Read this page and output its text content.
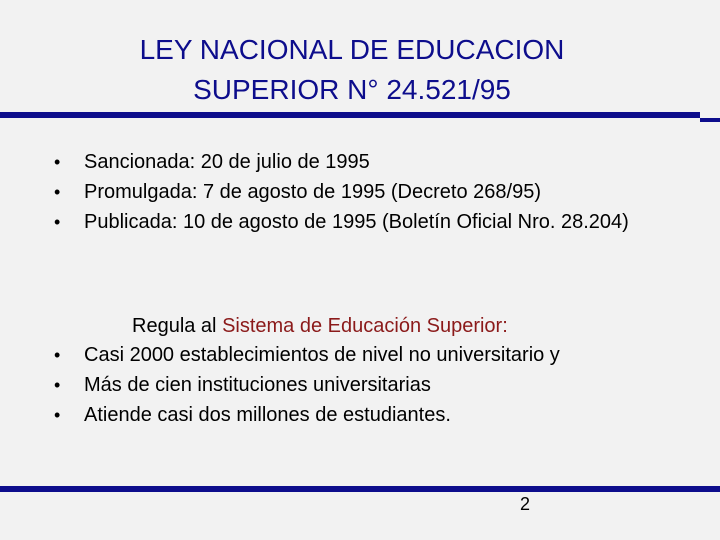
LEY NACIONAL DE EDUCACION
SUPERIOR N° 24.521/95
• Sancionada: 20 de julio de 1995
• Promulgada: 7 de agosto de 1995 (Decreto 268/95)
• Publicada: 10 de agosto de 1995 (Boletín Oficial Nro. 28.204)
Regula al Sistema de Educación Superior:
• Casi 2000 establecimientos de nivel no universitario y
• Más de cien instituciones universitarias
• Atiende casi dos millones de estudiantes.
2
